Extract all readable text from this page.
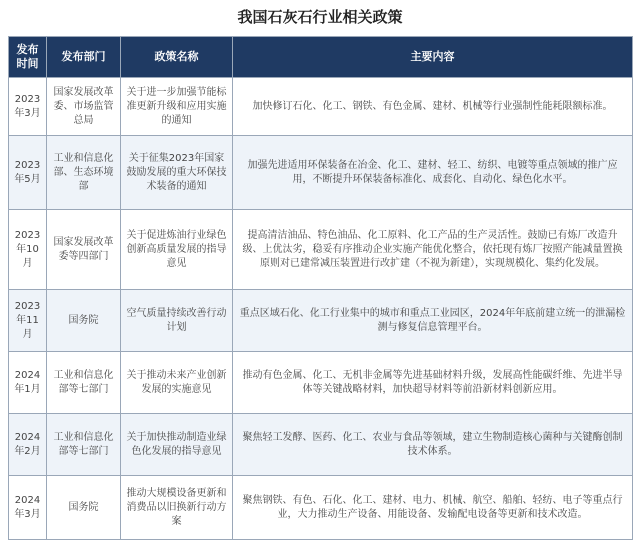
我国石灰石行业相关政策
发布时间	发布部门	政策名称	主要内容
2023年3月	国家发展改革委、市场监管总局	关于进一步加强节能标准更新升级和应用实施的通知	加快修订石化、化工、钢铁、有色金属、建材、机械等行业强制性能耗限额标准。
2023年5月	工业和信息化部、生态环境部	关于征集2023年国家鼓励发展的重大环保技术装备的通知	加强先进适用环保装备在冶金、化工、建材、轻工、纺织、电镀等重点领域的推广应用，不断提升环保装备标准化、成套化、自动化、绿色化水平。
2023年10月	国家发展改革委等四部门	关于促进炼油行业绿色创新高质量发展的指导意见	提高清洁油品、特色油品、化工原料、化工产品的生产灵活性。鼓励已有炼厂改造升级、上优汰劣，稳妥有序推动企业实施产能优化整合，依托现有炼厂按照产能减量置换原则对已建常减压装置进行改扩建（不视为新建），实现规模化、集约化发展。
2023年11月	国务院	空气质量持续改善行动计划	重点区域石化、化工行业集中的城市和重点工业园区，2024年年底前建立统一的泄漏检测与修复信息管理平台。
2024年1月	工业和信息化部等七部门	关于推动未来产业创新发展的实施意见	推动有色金属、化工、无机非金属等先进基础材料升级，发展高性能碳纤维、先进半导体等关键战略材料，加快超导材料等前沿新材料创新应用。
2024年2月	工业和信息化部等七部门	关于加快推动制造业绿色化发展的指导意见	聚焦轻工发酵、医药、化工、农业与食品等领域，建立生物制造核心菌种与关键酶创制技术体系。
2024年3月	国务院	推动大规模设备更新和消费品以旧换新行动方案	聚焦钢铁、有色、石化、化工、建材、电力、机械、航空、船舶、轻纺、电子等重点行业，大力推动生产设备、用能设备、发输配电设备等更新和技术改造。
